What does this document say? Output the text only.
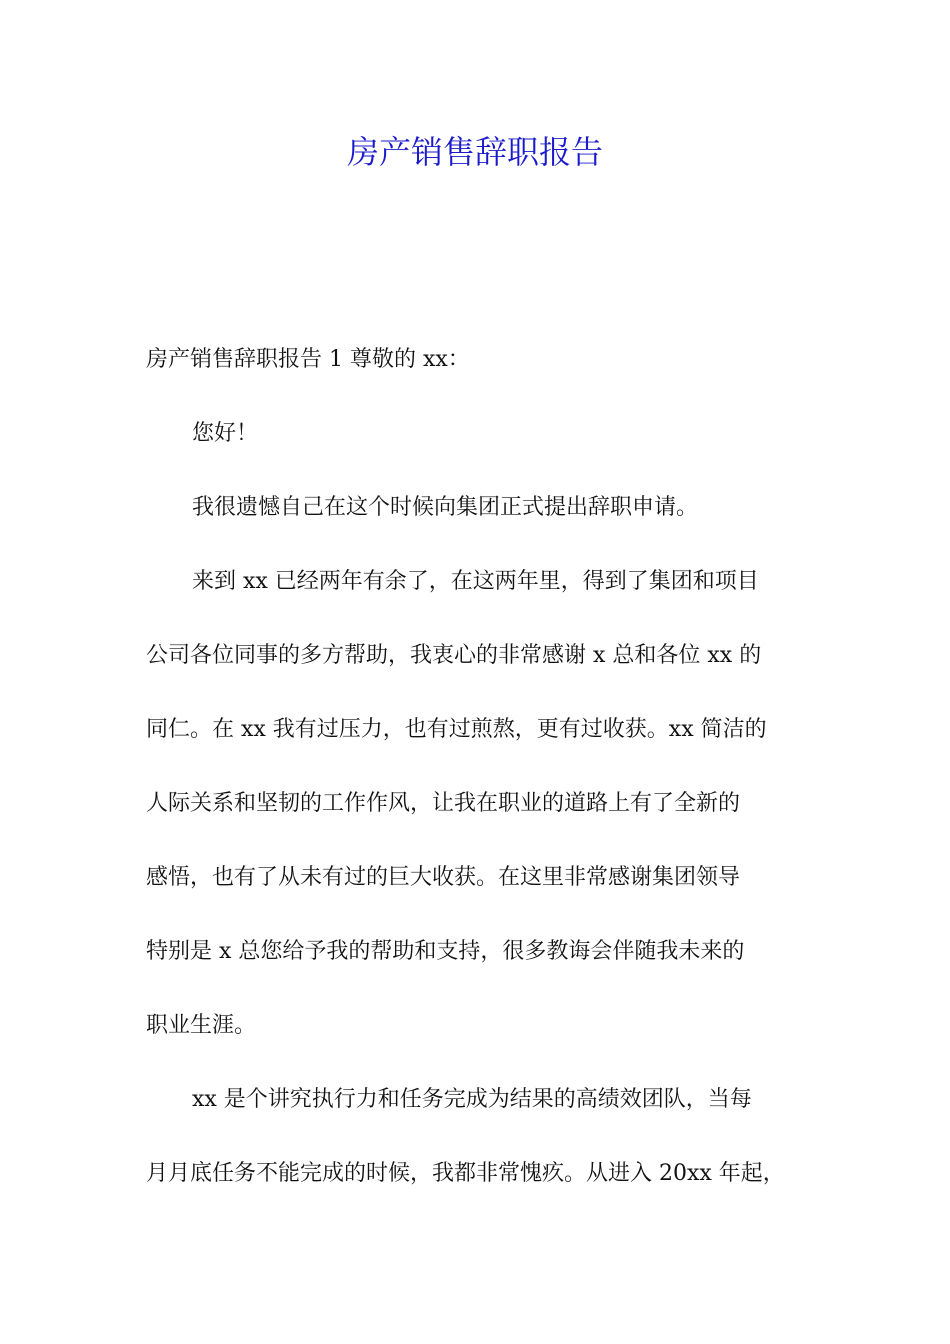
房产销售辞职报告
房产销售辞职报告 1 尊敬的 xx：
您好！
我很遗憾自己在这个时候向集团正式提出辞职申请。
来到 xx 已经两年有余了，在这两年里，得到了集团和项目
公司各位同事的多方帮助，我衷心的非常感谢 x 总和各位 xx 的
同仁。在 xx 我有过压力，也有过煎熬，更有过收获。xx 简洁的
人际关系和坚韧的工作作风，让我在职业的道路上有了全新的
感悟，也有了从未有过的巨大收获。在这里非常感谢集团领导
特别是 x 总您给予我的帮助和支持，很多教诲会伴随我未来的
职业生涯。
xx 是个讲究执行力和任务完成为结果的高绩效团队，当每
月月底任务不能完成的时候，我都非常愧疚。从进入 20xx 年起，
